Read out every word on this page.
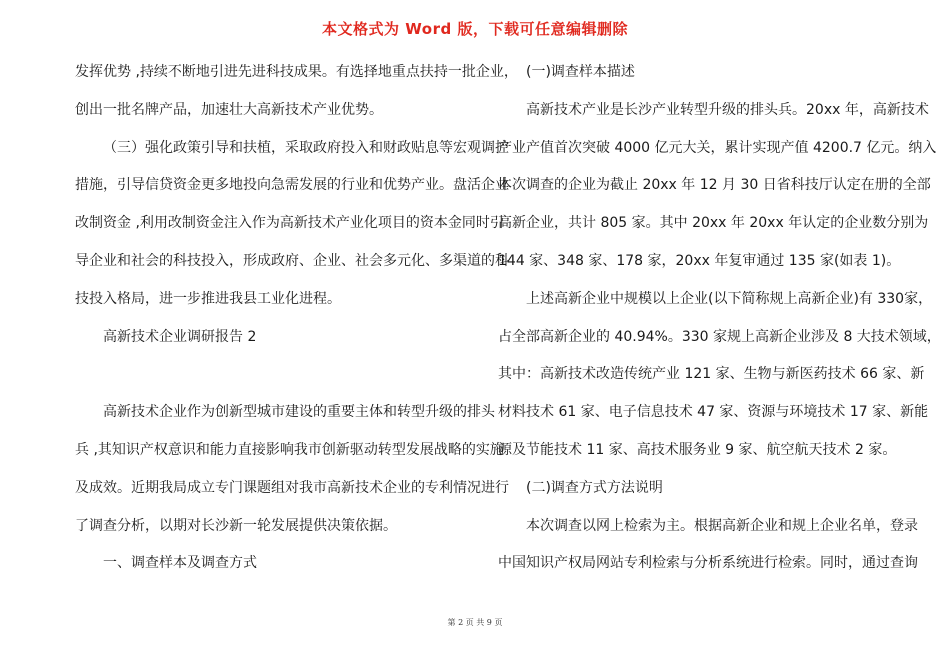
本文格式为 Word 版，下载可任意编辑删除
发挥优势 ,持续不断地引进先进科技成果。有选择地重点扶持一批企业，
创出一批名牌产品，加速壮大高新技术产业优势。
（三）强化政策引导和扶植，采取政府投入和财政贴息等宏观调控
措施，引导信贷资金更多地投向急需发展的行业和优势产业。盘活企业
改制资金 ,利用改制资金注入作为高新技术产业化项目的资本金同时引
导企业和社会的科技投入，形成政府、企业、社会多元化、多渠道的科
技投入格局，进一步推进我县工业化进程。
高新技术企业调研报告 2
高新技术企业作为创新型城市建设的重要主体和转型升级的排头
兵 ,其知识产权意识和能力直接影响我市创新驱动转型发展战略的实施
及成效。近期我局成立专门课题组对我市高新技术企业的专利情况进行
了调查分析，以期对长沙新一轮发展提供决策依据。
一、调查样本及调查方式
(一)调查样本描述
高新技术产业是长沙产业转型升级的排头兵。20xx 年，高新技术
产业产值首次突破 4000 亿元大关，累计实现产值 4200.7 亿元。纳入
本次调查的企业为截止 20xx 年 12 月 30 日省科技厅认定在册的全部
高新企业，共计 805 家。其中 20xx 年 20xx 年认定的企业数分别为
144 家、348 家、178 家，20xx 年复审通过 135 家(如表 1)。
上述高新企业中规模以上企业(以下简称规上高新企业)有 330家，
占全部高新企业的 40.94%。330 家规上高新企业涉及 8 大技术领域，
其中：高新技术改造传统产业 121 家、生物与新医药技术 66 家、新
材料技术 61 家、电子信息技术 47 家、资源与环境技术 17 家、新能
源及节能技术 11 家、高技术服务业 9 家、航空航天技术 2 家。
(二)调查方式方法说明
本次调查以网上检索为主。根据高新企业和规上企业名单，登录
中国知识产权局网站专利检索与分析系统进行检索。同时，通过查询
第 2 页 共 9 页
